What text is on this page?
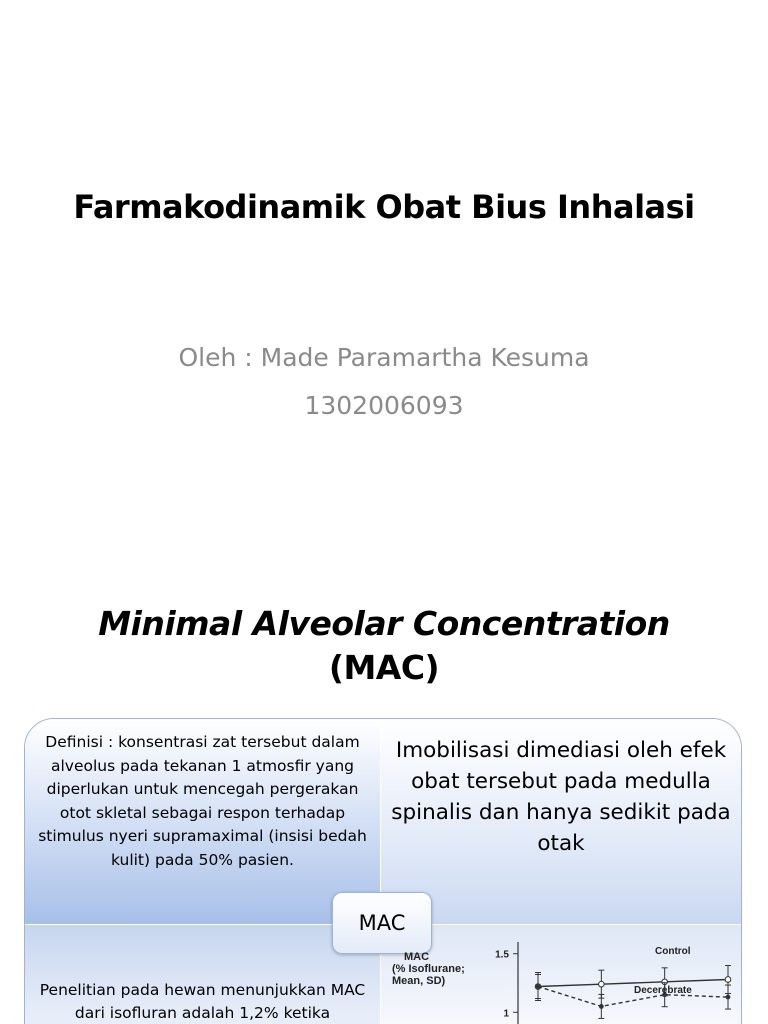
Farmakodinamik Obat Bius Inhalasi
Oleh : Made Paramartha Kesuma
1302006093
Minimal Alveolar Concentration
(MAC)
Definisi : konsentrasi zat tersebut dalam alveolus pada tekanan 1 atmosfir yang diperlukan untuk mencegah pergerakan otot skletal sebagai respon terhadap stimulus nyeri supramaximal (insisi bedah kulit) pada 50% pasien.
Imobilisasi dimediasi oleh efek obat tersebut pada medulla spinalis dan hanya sedikit pada otak
Penelitian pada hewan menunjukkan MAC dari isofluran adalah 1,2% ketika
MAC
MAC
(% Isoflurane;
Mean, SD)
1.5
1
Control
Decerebrate
